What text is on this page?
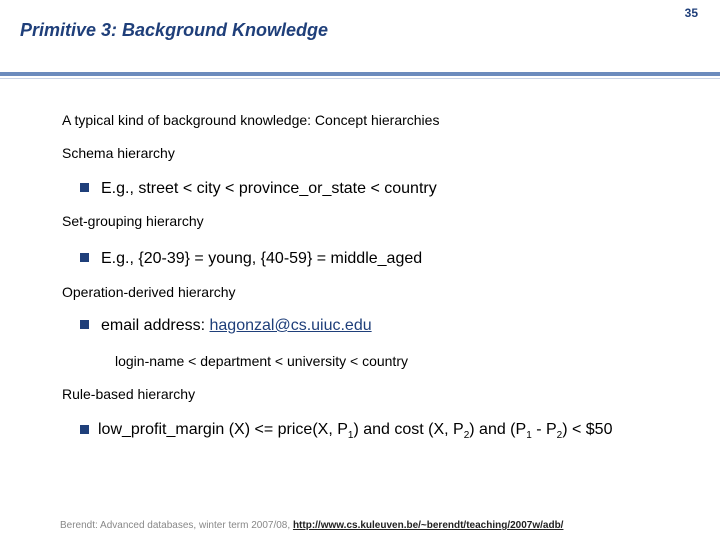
Primitive 3: Background Knowledge
35
A typical kind of background knowledge: Concept hierarchies
Schema hierarchy
E.g., street < city < province_or_state < country
Set-grouping hierarchy
E.g., {20-39} = young, {40-59} = middle_aged
Operation-derived hierarchy
email address: hagonzal@cs.uiuc.edu
login-name < department < university < country
Rule-based hierarchy
low_profit_margin (X) <= price(X, $P_1$) and cost (X, $P_2$) and $(P_1 - P_2)$ < $50
Berendt: Advanced databases, winter term 2007/08, http://www.cs.kuleuven.be/~berendt/teaching/2007w/adb/
